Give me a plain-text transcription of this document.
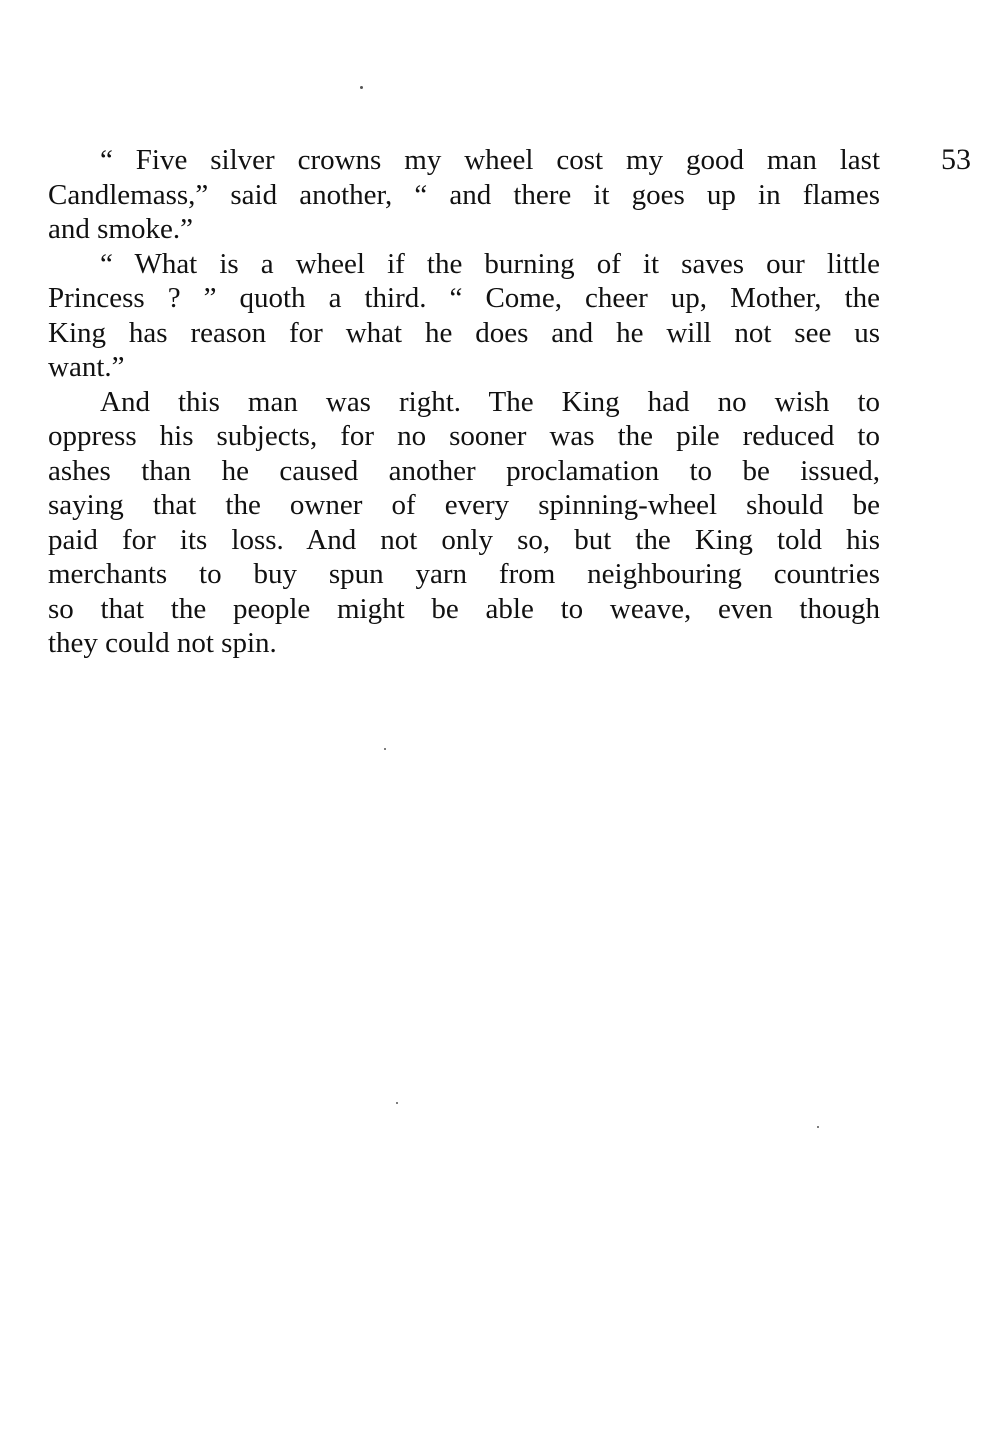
53
“ Five silver crowns my wheel cost my good man last
Candlemass,” said another, “ and there it goes up in flames
and smoke.”
“ What is a wheel if the burning of it saves our little
Princess ? ” quoth a third. “ Come, cheer up, Mother, the
King has reason for what he does and he will not see us
want.”
And this man was right. The King had no wish to
oppress his subjects, for no sooner was the pile reduced to
ashes than he caused another proclamation to be issued,
saying that the owner of every spinning-wheel should be
paid for its loss. And not only so, but the King told his
merchants to buy spun yarn from neighbouring countries
so that the people might be able to weave, even though
they could not spin.
